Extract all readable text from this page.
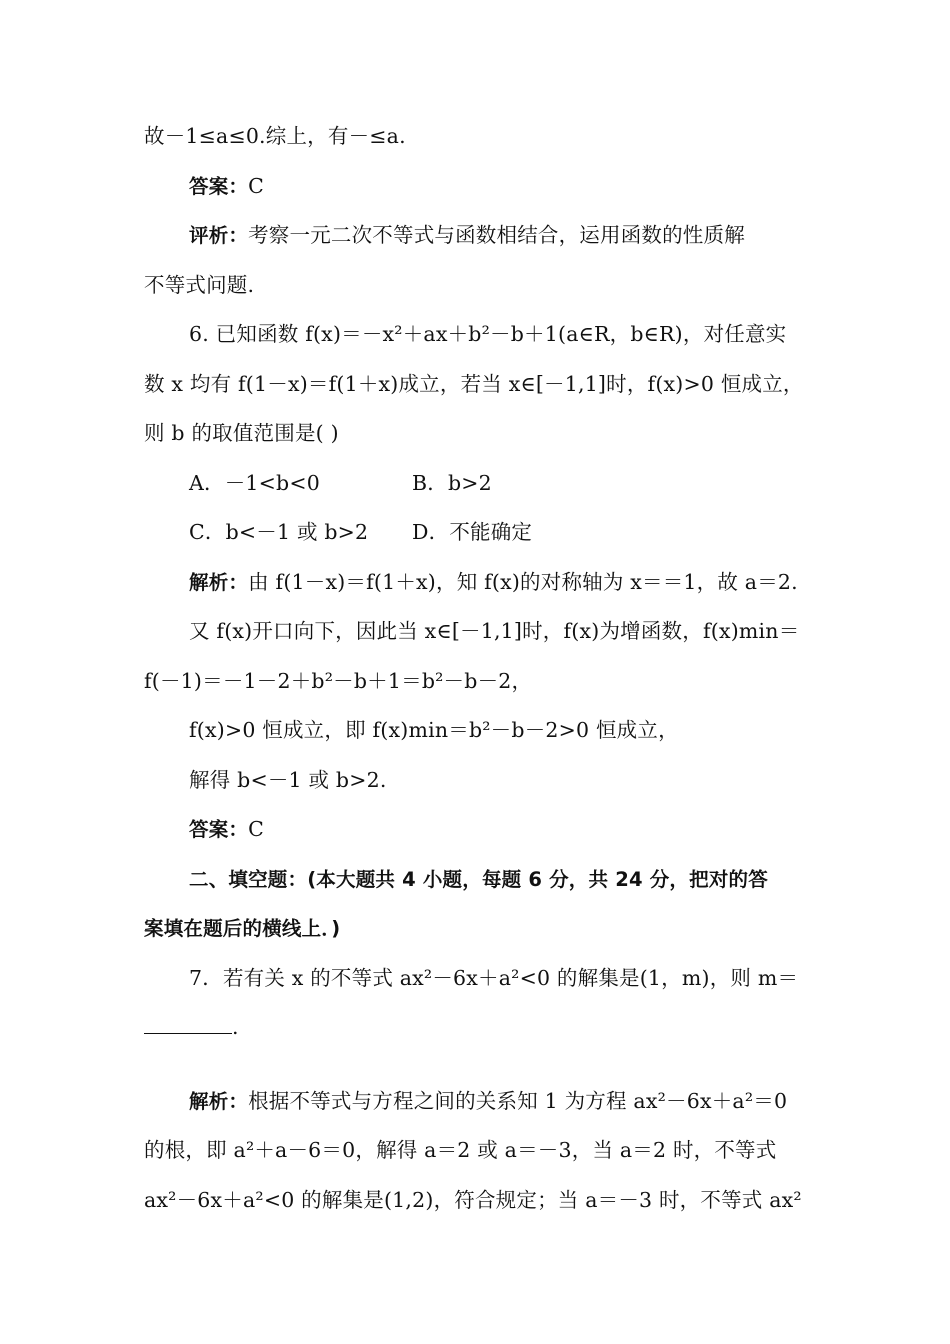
故－1≤a≤0.综上，有－≤a.
答案：C
评析：考察一元二次不等式与函数相结合，运用函数的性质解
不等式问题.
6. 已知函数 f(x)＝－x²＋ax＋b²－b＋1(a∈R，b∈R)，对任意实
数 x 均有 f(1－x)＝f(1＋x)成立，若当 x∈[－1,1]时，f(x)>0 恒成立，
则 b 的取值范围是( )
A．－1<b<0	B．b>2
C．b<－1 或 b>2 D．不能确定
解析：由 f(1－x)＝f(1＋x)，知 f(x)的对称轴为 x＝＝1，故 a＝2.
又 f(x)开口向下，因此当 x∈[－1,1]时，f(x)为增函数，f(x)min＝
f(－1)＝－1－2＋b²－b＋1＝b²－b－2，
f(x)>0 恒成立，即 f(x)min＝b²－b－2>0 恒成立，
解得 b<－1 或 b>2.
答案：C
二、填空题：(本大题共 4 小题，每题 6 分，共 24 分，把对的答
案填在题后的横线上．)
7．若有关 x 的不等式 ax²－6x＋a²<0 的解集是(1，m)，则 m＝
.
解析：根据不等式与方程之间的关系知 1 为方程 ax²－6x＋a²＝0
的根，即 a²＋a－6＝0，解得 a＝2 或 a＝－3，当 a＝2 时，不等式
ax²－6x＋a²<0 的解集是(1,2)，符合规定；当 a＝－3 时，不等式 ax²
